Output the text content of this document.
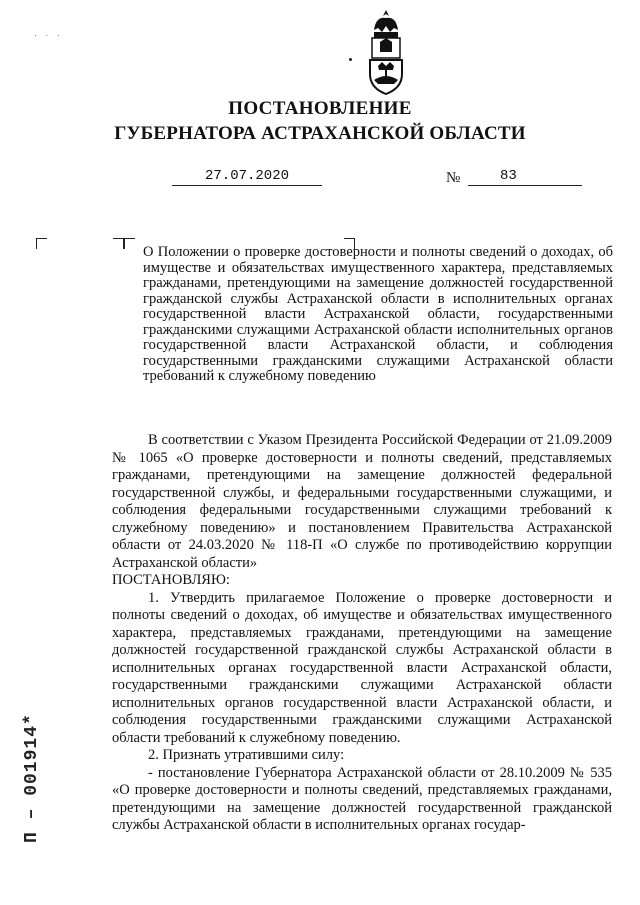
· · ·
ПОСТАНОВЛЕНИЕ
ГУБЕРНАТОРА АСТРАХАНСКОЙ ОБЛАСТИ
27.07.2020	№	83
О Положении о проверке достоверности и полноты сведений о доходах, об имуществе и обязательствах имущественного характера, представляемых гражданами, претендующими на замещение должностей государственной гражданской службы Астраханской области в исполнительных органах государственной власти Астраханской области, государственными гражданскими служащими Астраханской области исполнительных органов государственной власти Астраханской области, и соблюдения государственными гражданскими служащими Астраханской области требований к служебному поведению

В соответствии с Указом Президента Российской Федерации от 21.09.2009 № 1065 «О проверке достоверности и полноты сведений, представляемых гражданами, претендующими на замещение должностей федеральной государственной службы, и федеральными государственными служащими, и соблюдения федеральными государственными служащими требований к служебному поведению» и постановлением Правительства Астраханской области от 24.03.2020 № 118-П «О службе по противодействию коррупции Астраханской области»

ПОСТАНОВЛЯЮ:

1. Утвердить прилагаемое Положение о проверке достоверности и полноты сведений о доходах, об имуществе и обязательствах имущественного характера, представляемых гражданами, претендующими на замещение должностей государственной гражданской службы Астраханской области в исполнительных органах государственной власти Астраханской области, государственными гражданскими служащими Астраханской области исполнительных органов государственной власти Астраханской области, и соблюдения государственными гражданскими служащими Астраханской области требований к служебному поведению.

2. Признать утратившими силу:

- постановление Губернатора Астраханской области от 28.10.2009 № 535 «О проверке достоверности и полноты сведений, представляемых гражданами, претендующими на замещение должностей государственной гражданской службы Астраханской области в исполнительных органах государ-

П – 001914*
